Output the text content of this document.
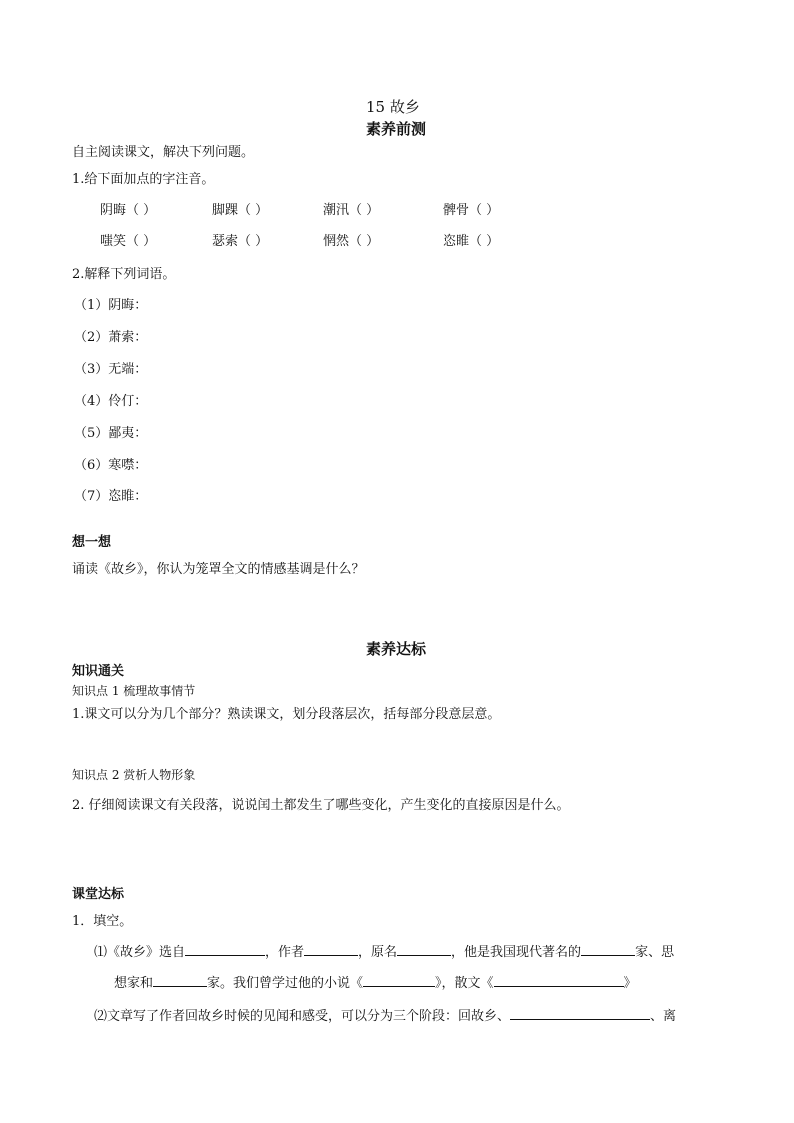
15 故乡
素养前测
自主阅读课文，解决下列问题。
1.给下面加点的字注音。
阴晦（ ）	脚踝（ ）	潮汛（ ）	髀骨（ ）
嗤笑（ ）	瑟索（ ）	惘然（ ）	恣睢（ ）
2.解释下列词语。
（1）阴晦：
（2）萧索：
（3）无端：
（4）伶仃：
（5）鄙夷：
（6）寒噤：
（7）恣睢：
想一想
诵读《故乡》，你认为笼罩全文的情感基调是什么？
素养达标
知识通关
知识点 1 梳理故事情节
1.课文可以分为几个部分？熟读课文，划分段落层次，括每部分段意层意。
知识点 2 赏析人物形象
2. 仔细阅读课文有关段落，说说闰土都发生了哪些变化，产生变化的直接原因是什么。
课堂达标
1．填空。
⑴《故乡》选自	，作者	，原名	，他是我国现代著名的	家、思
想家和	家。我们曾学过他的小说《	》，散文《	》
⑵文章写了作者回故乡时候的见闻和感受，可以分为三个阶段：回故乡、	、离
